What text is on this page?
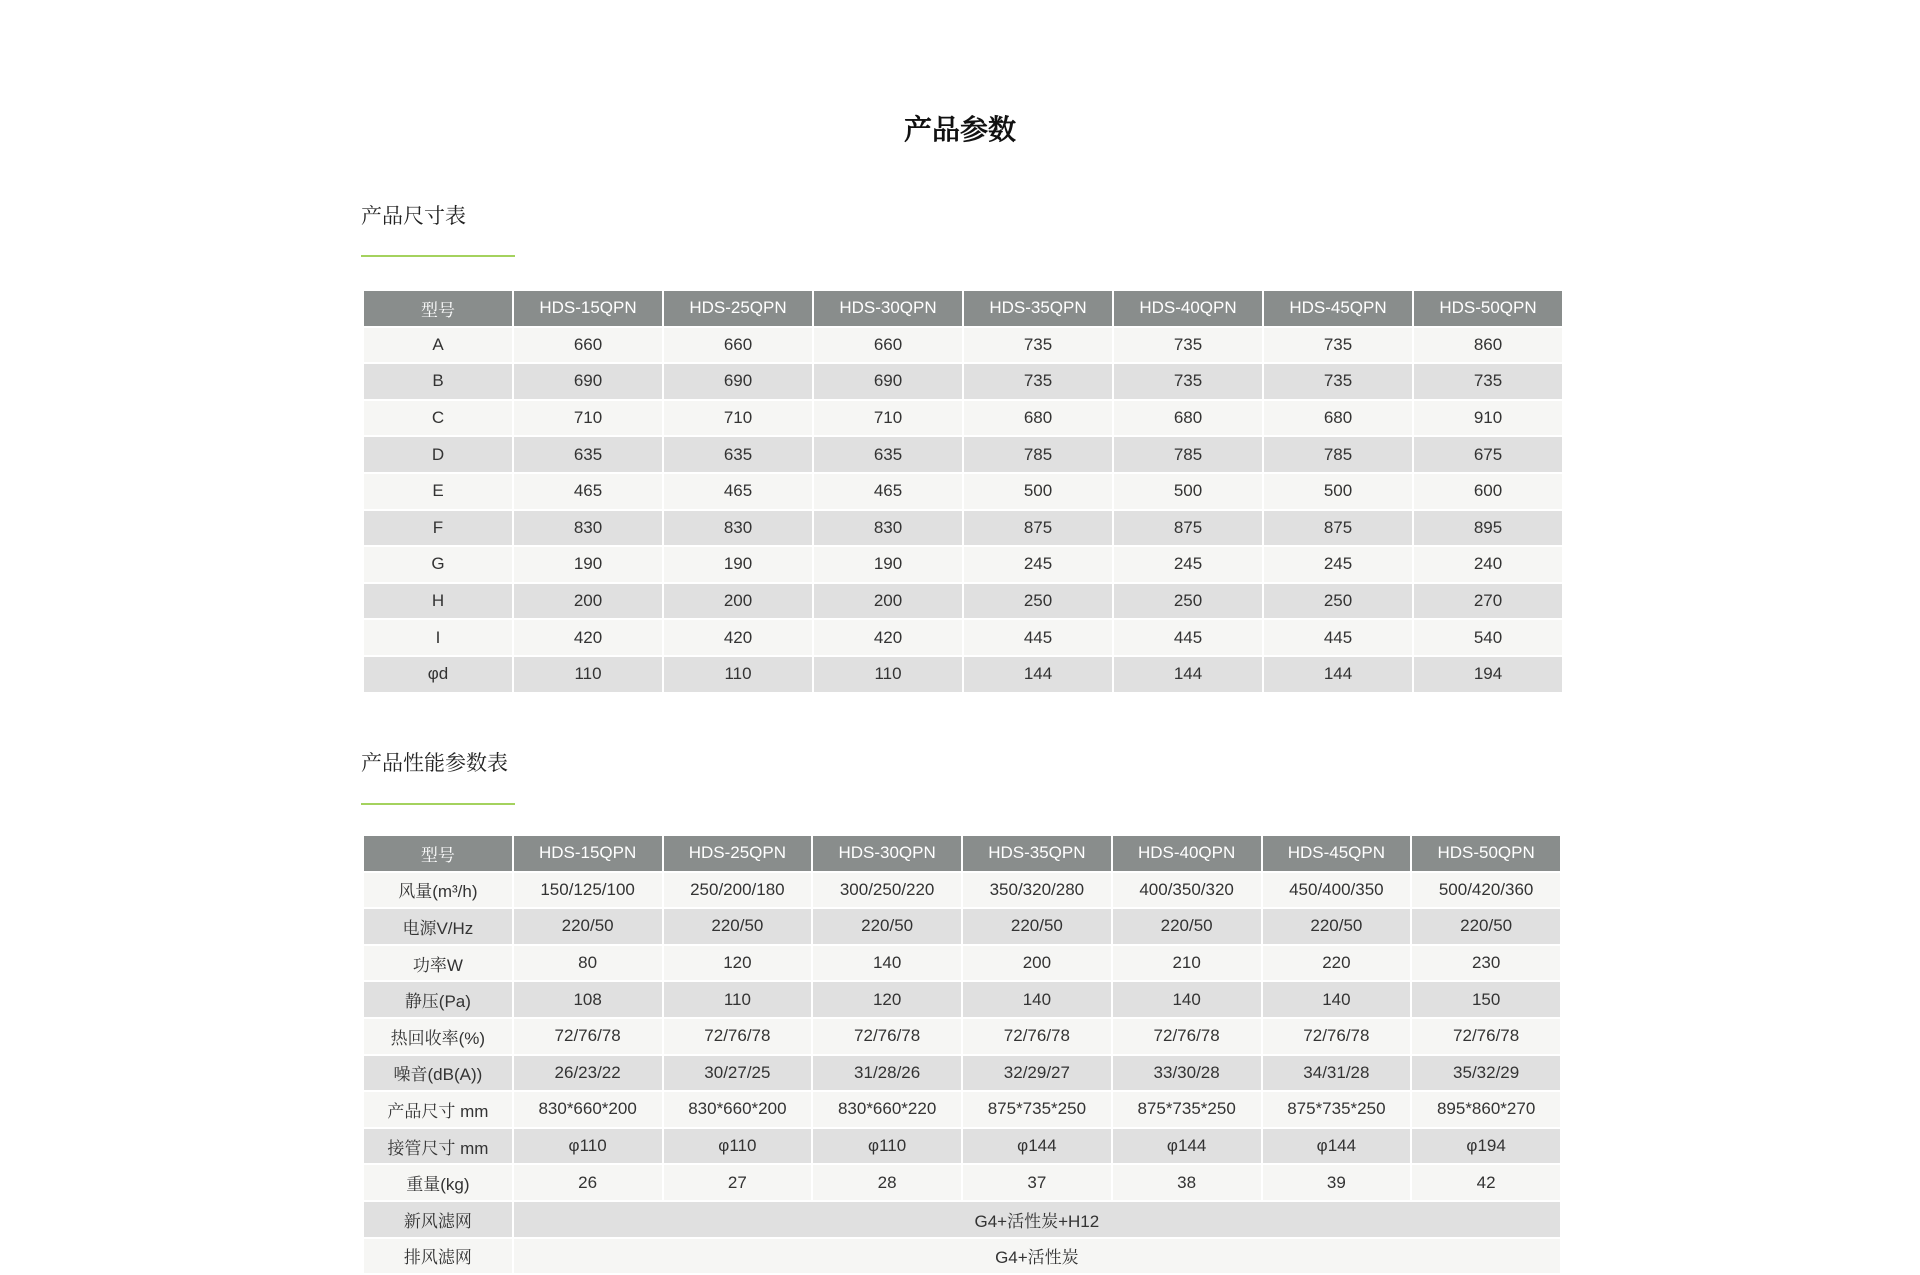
产品参数
产品尺寸表
型号	HDS-15QPN	HDS-25QPN	HDS-30QPN	HDS-35QPN	HDS-40QPN	HDS-45QPN	HDS-50QPN
A	660	660	660	735	735	735	860
B	690	690	690	735	735	735	735
C	710	710	710	680	680	680	910
D	635	635	635	785	785	785	675
E	465	465	465	500	500	500	600
F	830	830	830	875	875	875	895
G	190	190	190	245	245	245	240
H	200	200	200	250	250	250	270
I	420	420	420	445	445	445	540
φd	110	110	110	144	144	144	194
产品性能参数表
型号	HDS-15QPN	HDS-25QPN	HDS-30QPN	HDS-35QPN	HDS-40QPN	HDS-45QPN	HDS-50QPN
风量(m³/h)	150/125/100	250/200/180	300/250/220	350/320/280	400/350/320	450/400/350	500/420/360
电源V/Hz	220/50	220/50	220/50	220/50	220/50	220/50	220/50
功率W	80	120	140	200	210	220	230
静压(Pa)	108	110	120	140	140	140	150
热回收率(%)	72/76/78	72/76/78	72/76/78	72/76/78	72/76/78	72/76/78	72/76/78
噪音(dB(A))	26/23/22	30/27/25	31/28/26	32/29/27	33/30/28	34/31/28	35/32/29
产品尺寸 mm	830*660*200	830*660*200	830*660*220	875*735*250	875*735*250	875*735*250	895*860*270
接管尺寸 mm	φ110	φ110	φ110	φ144	φ144	φ144	φ194
重量(kg)	26	27	28	37	38	39	42
新风滤网	G4+活性炭+H12						
排风滤网	G4+活性炭						
